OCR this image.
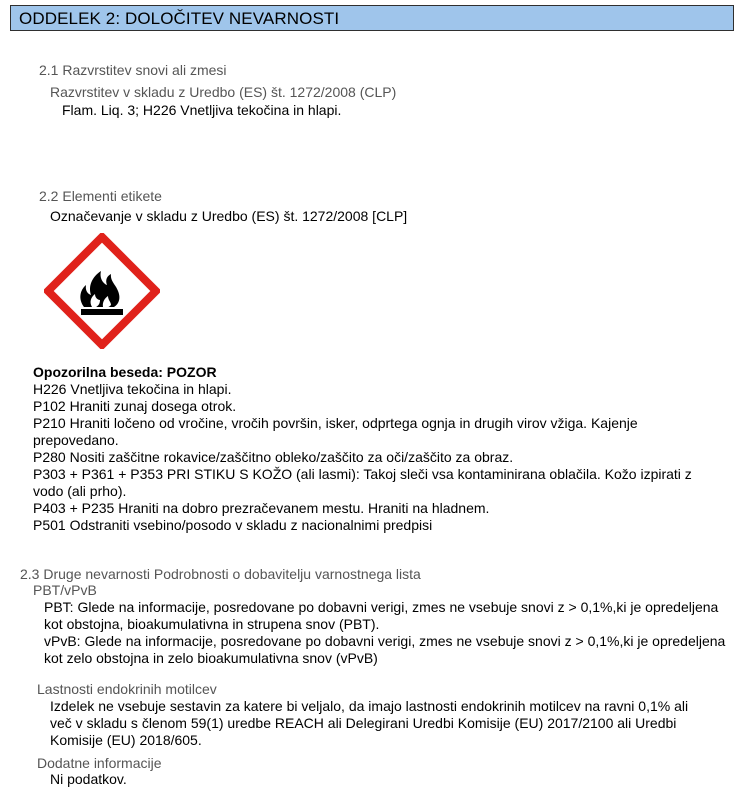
ODDELEK 2: DOLOČITEV NEVARNOSTI
2.1 Razvrstitev snovi ali zmesi
Razvrstitev v skladu z Uredbo (ES) št. 1272/2008 (CLP)
Flam. Liq. 3; H226 Vnetljiva tekočina in hlapi.
2.2 Elementi etikete
Označevanje v skladu z Uredbo (ES) št. 1272/2008 [CLP]
Opozorilna beseda: POZOR
H226 Vnetljiva tekočina in hlapi.
P102 Hraniti zunaj dosega otrok.
P210 Hraniti ločeno od vročine, vročih površin, isker, odprtega ognja in drugih virov vžiga. Kajenje prepovedano.
P280 Nositi zaščitne rokavice/zaščitno obleko/zaščito za oči/zaščito za obraz.
P303 + P361 + P353 PRI STIKU S KOŽO (ali lasmi): Takoj sleči vsa kontaminirana oblačila. Kožo izpirati z vodo (ali prho).
P403 + P235 Hraniti na dobro prezračevanem mestu. Hraniti na hladnem.
P501 Odstraniti vsebino/posodo v skladu z nacionalnimi predpisi
2.3 Druge nevarnosti Podrobnosti o dobavitelju varnostnega lista
PBT/vPvB
PBT: Glede na informacije, posredovane po dobavni verigi, zmes ne vsebuje snovi z > 0,1%,ki je opredeljena kot obstojna, bioakumulativna in strupena snov (PBT).
vPvB: Glede na informacije, posredovane po dobavni verigi, zmes ne vsebuje snovi z > 0,1%,ki je opredeljena kot zelo obstojna in zelo bioakumulativna snov (vPvB)
Lastnosti endokrinih motilcev
Izdelek ne vsebuje sestavin za katere bi veljalo, da imajo lastnosti endokrinih motilcev na ravni 0,1% ali več v skladu s členom 59(1) uredbe REACH ali Delegirani Uredbi Komisije (EU) 2017/2100 ali Uredbi Komisije (EU) 2018/605.
Dodatne informacije
Ni podatkov.
